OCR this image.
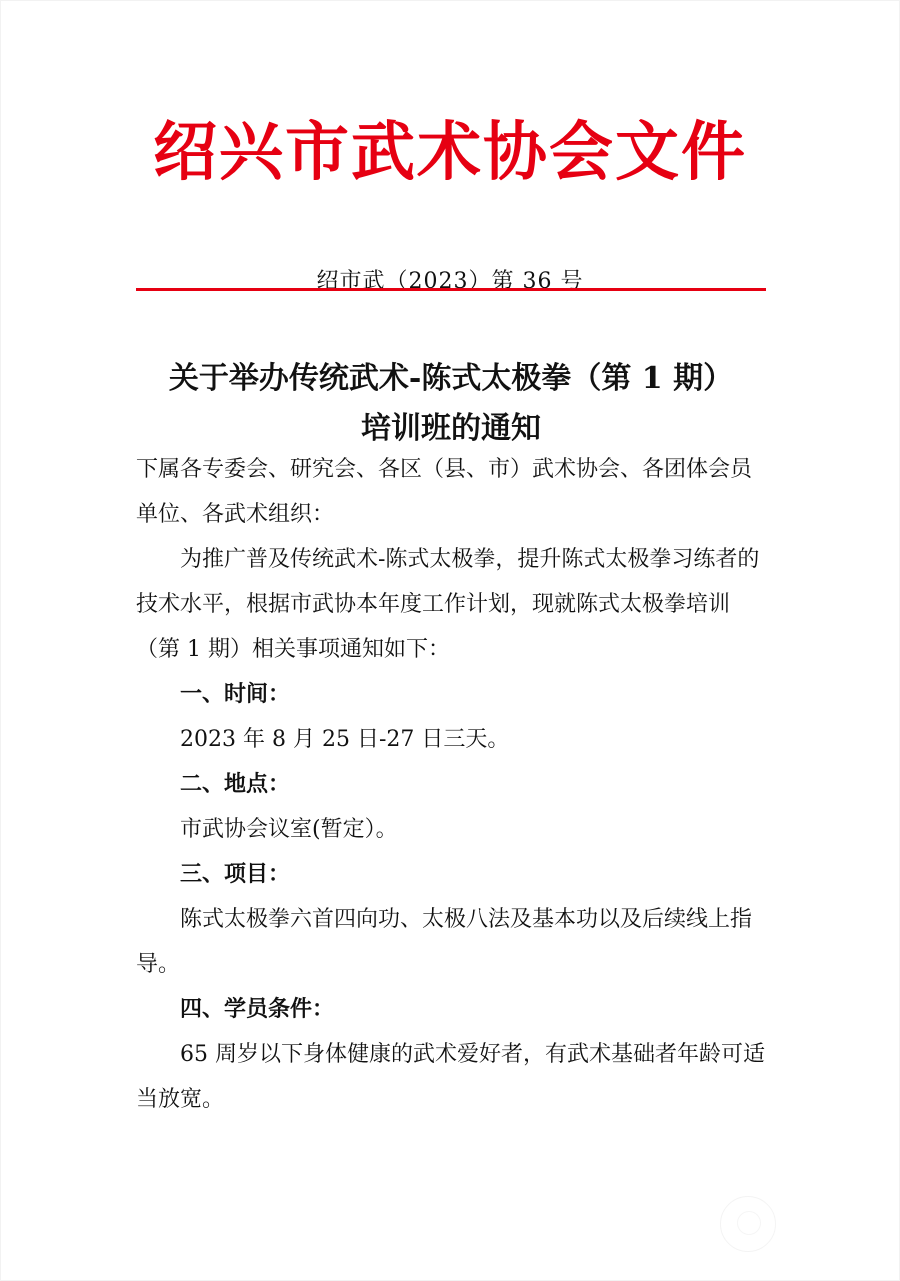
绍兴市武术协会文件
绍市武（2023）第 36 号
关于举办传统武术-陈式太极拳（第 1 期）
培训班的通知

下属各专委会、研究会、各区（县、市）武术协会、各团体会员单位、各武术组织：

为推广普及传统武术-陈式太极拳，提升陈式太极拳习练者的技术水平，根据市武协本年度工作计划，现就陈式太极拳培训（第 1 期）相关事项通知如下：

一、时间：

2023 年 8 月 25 日-27 日三天。

二、地点：

市武协会议室(暂定）。

三、项目：

陈式太极拳六首四向功、太极八法及基本功以及后续线上指导。

四、学员条件：

65 周岁以下身体健康的武术爱好者，有武术基础者年龄可适当放宽。
